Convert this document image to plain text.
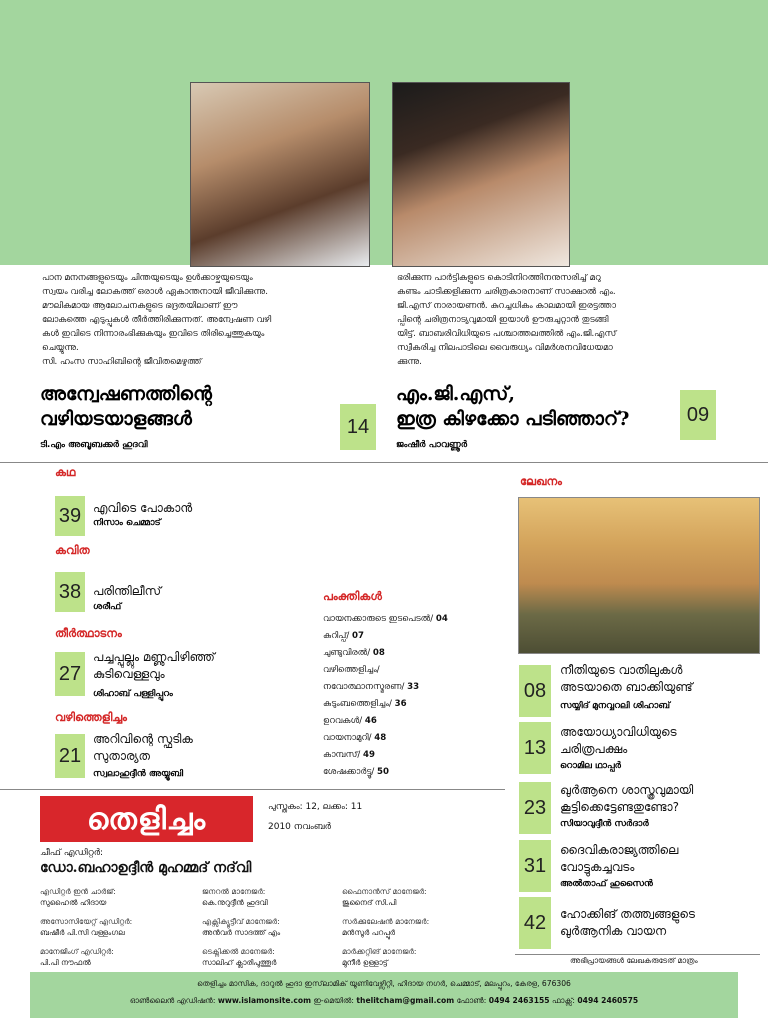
പാന മനനങ്ങളുടെയും ചിന്തയുടെയും ഉൾക്കാഴ്ചയുടെയും
സ്വയം വരിച്ച ലോകത്ത് ഒരാൾ ഏകാന്തനായി ജീവിക്കുന്നു.
മൗലികമായ ആലോചനകളുടെ ഭദ്രതയിലാണ് ഈ
ലോകത്തെ എടുപ്പുകൾ തീർത്തിരിക്കുന്നത്. അന്വേഷണ വഴി
കൾ ഇവിടെ നിന്നാരംഭിക്കുകയും ഇവിടെ തിരിച്ചെത്തുകയും
ചെയ്യുന്നു.
സി. ഹംസ സാഹിബിന്റെ ജീവിതമെഴുത്ത്
അന്വേഷണത്തിന്റെ
വഴിയടയാളങ്ങൾ
ടി.എം അബൂബക്കർ ഹുദവി
14
ഭരിക്കുന്ന പാർട്ടികളുടെ കൊടിനിറത്തിനനുസരിച്ച് മറു
കണ്ടം ചാടിക്കളിക്കുന്ന ചരിത്രകാരനാണ് സാക്ഷാൽ എം.
ജി.എസ് നാരായണൻ. കുറച്ചധികം കാലമായി ഇരട്ടത്താ
പ്പിന്റെ ചരിത്രനാട്യവുമായി ഇയാൾ ഊരുചുറ്റാൻ തുടങ്ങി
യിട്ട്. ബാബരിവിധിയുടെ പശ്ചാത്തലത്തിൽ എം.ജി.എസ്
സ്വീകരിച്ച നിലപാടിലെ വൈരുധ്യം വിമർശനവിധേയമാ
ക്കുന്നു.
എം.ജി.എസ്,
ഇത്ര കിഴക്കോ പടിഞ്ഞാറ്?
ജംഷീർ പാവണ്ണൂർ
09
കഥ
39 എവിടെ പോകാൻ
നിസാം ചെമ്മാട്
കവിത
38 പരിന്തിലീസ്
ശരീഫ്
തീർത്ഥാടനം
27
പച്ചപ്പുല്ലും മണ്ണുപിഴിഞ്ഞ്
കുടിവെള്ളവും
ശിഹാബ് പള്ളിപ്പുറം
വഴിത്തെളിച്ചം
21
അറിവിന്റെ സ്ഫടിക
സുതാര്യത
സ്വലാഹുദ്ദീൻ അയ്യൂബി
പംക്തികൾ
വായനക്കാരുടെ ഇടപെടൽ/ 04
കുറിപ്പ്/ 07
ചുണ്ടുവിരൽ/ 08
വഴിത്തെളിച്ചം/
നവോത്ഥാനസ്മരണ/ 33
കുടുംബത്തെളിച്ചം/ 36
ഉറവകൾ/ 46
വായനാമുറി/ 48
കാമ്പസ്/ 49
ശേഷക്കാർട്ടൂ/ 50
ലേഖനം
08
നീതിയുടെ വാതിലുകൾ
അടയാതെ ബാക്കിയുണ്ട്
സയ്യിദ് മുനവ്വറലി ശിഹാബ്
13
അയോധ്യാവിധിയുടെ
ചരിത്രപക്ഷം
റൊമില ഥാപ്പർ
23
ഖുർആനെ ശാസ്ത്രവുമായി
കൂട്ടിക്കെട്ടേണ്ടതുണ്ടോ?
സിയാവുദ്ദീൻ സർദാർ
31
ദൈവികരാജ്യത്തിലെ
വോട്ടുകച്ചവടം
അൽതാഫ് ഹുസൈൻ
42	ഹോക്കിങ് തത്ത്വങ്ങളുടെ
ഖുർആനിക വായന
അഭിപ്രായങ്ങൾ ലേഖകരുടേത് മാത്രം
തെളിച്ചം	പുസ്തകം: 12, ലക്കം: 11
2010 നവംബർ
ചീഫ് എഡിറ്റർ:
ഡോ.ബഹാഉദ്ദീൻ മുഹമ്മദ് നദ്‌വി
എഡിറ്റർ ഇൻ ചാർജ്:
സുഹൈൽ ഹിദായ
ജനറൽ മാനേജർ:
കെ.നുറുദ്ദീൻ ഹുദവി
ഫൈനാൻസ് മാനേജർ:
ജുനൈദ് സി.പി
അസോസിയേറ്റ് എഡിറ്റർ:
ബഷീർ പി.സി വള്ളംഗല
എക്സിക്യൂട്ടീവ് മാനേജർ:
അൻവർ സാദത്ത് എം
സർക്കുലേഷൻ മാനേജർ:
മൻസൂർ പറപ്പൂർ
മാനേജിംഗ് എഡിറ്റർ:
പി.പി നൗഫൽ
ടെക്നിക്കൽ മാനേജർ:
സാലിഹ് ക്ലാരിപുത്തൂർ
മാർക്കറ്റിങ് മാനേജർ:
മുനീർ ഉള്ളാട്ട്
തെളിച്ചം മാസിക, ദാറുൽ ഹുദാ ഇസ്‌ലാമിക് യൂണിവേഴ്സിറ്റി, ഹിദായ നഗർ, ചെമ്മാട്, മലപ്പുറം, കേരള, 676306
ഓൺലൈൻ എഡിഷൻ: www.islamonsite.com ഇ-മെയിൽ: thelitcham@gmail.com ഫോൺ: 0494 2463155 ഫാക്സ്: 0494 2460575
